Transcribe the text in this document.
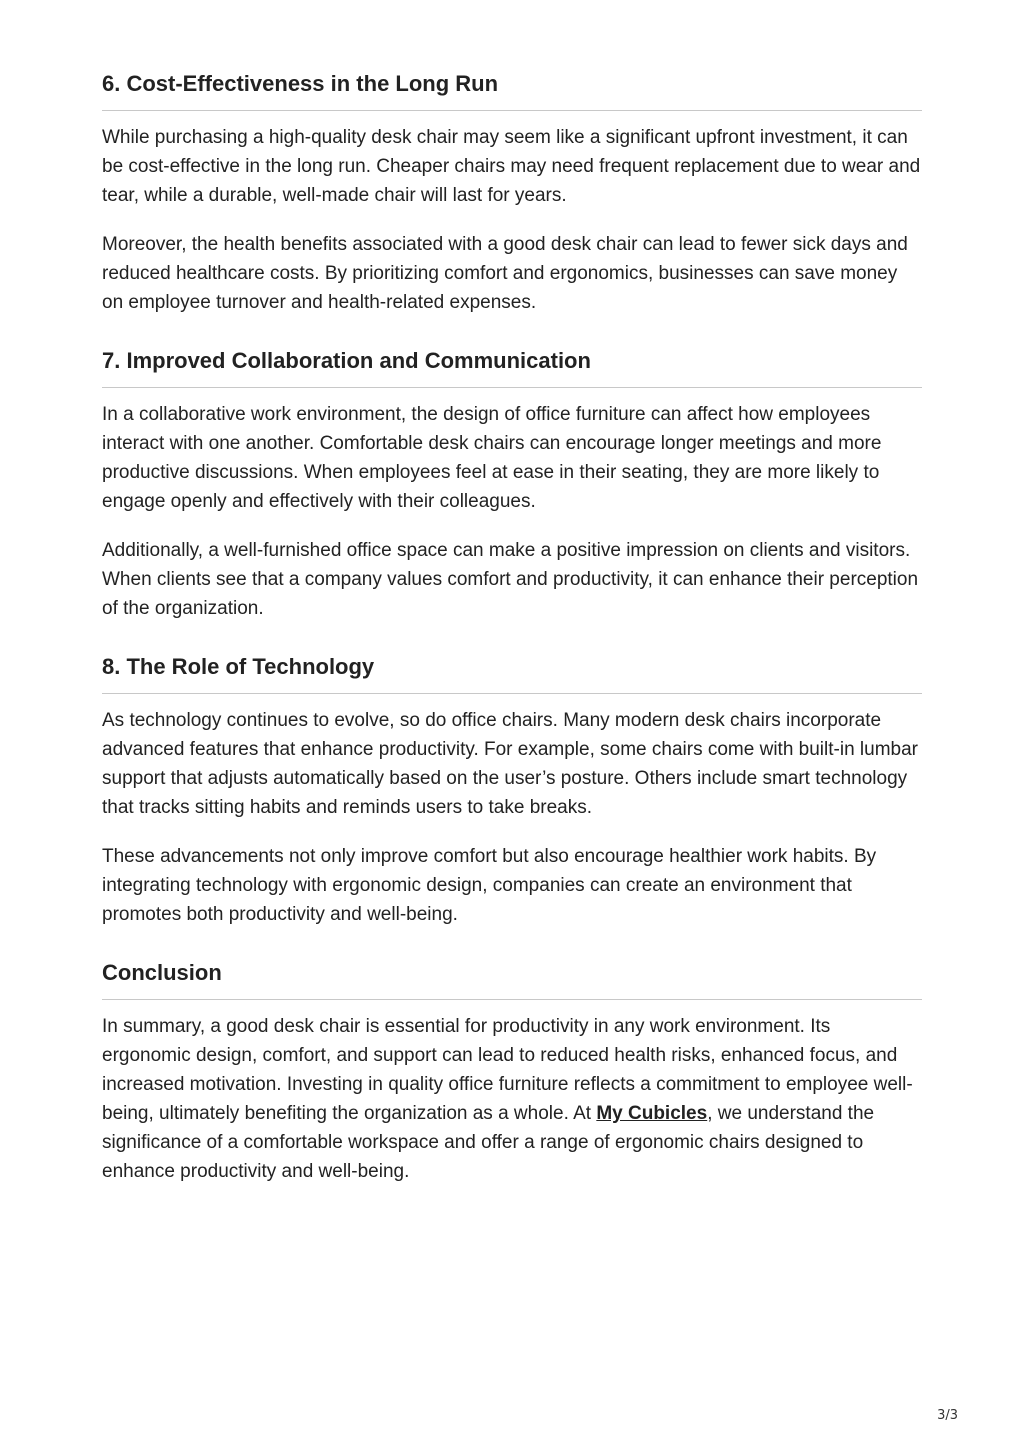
6. Cost-Effectiveness in the Long Run

While purchasing a high-quality desk chair may seem like a significant upfront investment, it can be cost-effective in the long run. Cheaper chairs may need frequent replacement due to wear and tear, while a durable, well-made chair will last for years.

Moreover, the health benefits associated with a good desk chair can lead to fewer sick days and reduced healthcare costs. By prioritizing comfort and ergonomics, businesses can save money on employee turnover and health-related expenses.

7. Improved Collaboration and Communication

In a collaborative work environment, the design of office furniture can affect how employees interact with one another. Comfortable desk chairs can encourage longer meetings and more productive discussions. When employees feel at ease in their seating, they are more likely to engage openly and effectively with their colleagues.

Additionally, a well-furnished office space can make a positive impression on clients and visitors. When clients see that a company values comfort and productivity, it can enhance their perception of the organization.

8. The Role of Technology

As technology continues to evolve, so do office chairs. Many modern desk chairs incorporate advanced features that enhance productivity. For example, some chairs come with built-in lumbar support that adjusts automatically based on the user’s posture. Others include smart technology that tracks sitting habits and reminds users to take breaks.

These advancements not only improve comfort but also encourage healthier work habits. By integrating technology with ergonomic design, companies can create an environment that promotes both productivity and well-being.

Conclusion

In summary, a good desk chair is essential for productivity in any work environment. Its ergonomic design, comfort, and support can lead to reduced health risks, enhanced focus, and increased motivation. Investing in quality office furniture reflects a commitment to employee well-being, ultimately benefiting the organization as a whole. At My Cubicles, we understand the significance of a comfortable workspace and offer a range of ergonomic chairs designed to enhance productivity and well-being.

3/3
